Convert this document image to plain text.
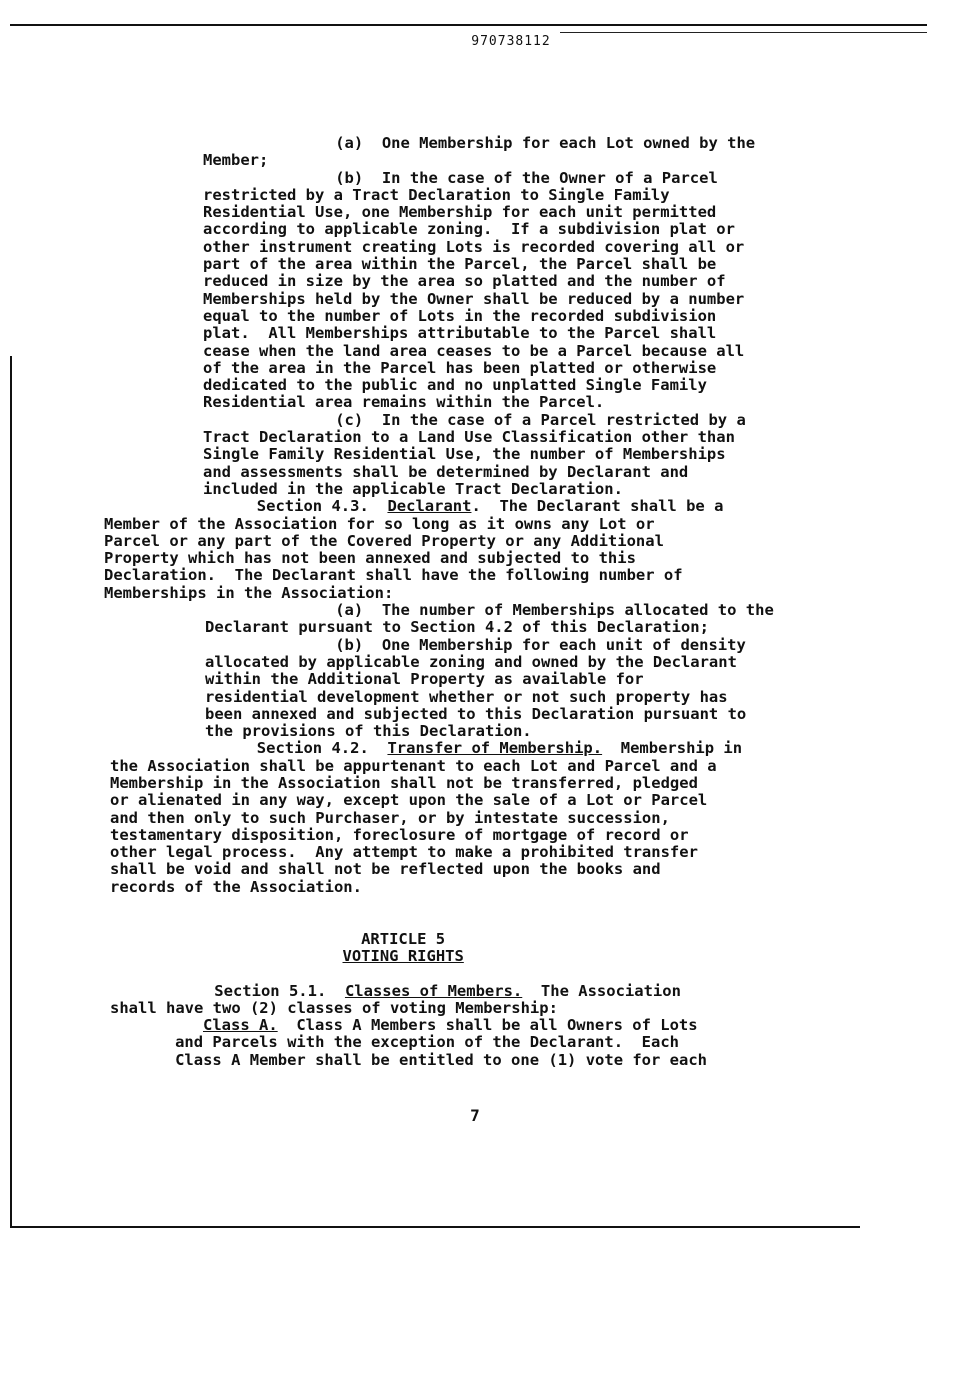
970738112
(a)  One Membership for each Lot owned by the
Member;
(b)  In the case of the Owner of a Parcel
restricted by a Tract Declaration to Single Family
Residential Use, one Membership for each unit permitted
according to applicable zoning.  If a subdivision plat or
other instrument creating Lots is recorded covering all or
part of the area within the Parcel, the Parcel shall be
reduced in size by the area so platted and the number of
Memberships held by the Owner shall be reduced by a number
equal to the number of Lots in the recorded subdivision
plat.  All Memberships attributable to the Parcel shall
cease when the land area ceases to be a Parcel because all
of the area in the Parcel has been platted or otherwise
dedicated to the public and no unplatted Single Family
Residential area remains within the Parcel.
(c)  In the case of a Parcel restricted by a
Tract Declaration to a Land Use Classification other than
Single Family Residential Use, the number of Memberships
and assessments shall be determined by Declarant and
included in the applicable Tract Declaration.
Section 4.3.  Declarant.  The Declarant shall be a
Member of the Association for so long as it owns any Lot or
Parcel or any part of the Covered Property or any Additional
Property which has not been annexed and subjected to this
Declaration.  The Declarant shall have the following number of
Memberships in the Association:
(a)  The number of Memberships allocated to the
Declarant pursuant to Section 4.2 of this Declaration;
(b)  One Membership for each unit of density
allocated by applicable zoning and owned by the Declarant
within the Additional Property as available for
residential development whether or not such property has
been annexed and subjected to this Declaration pursuant to
the provisions of this Declaration.
Section 4.2.  Transfer of Membership.  Membership in
the Association shall be appurtenant to each Lot and Parcel and a
Membership in the Association shall not be transferred, pledged
or alienated in any way, except upon the sale of a Lot or Parcel
and then only to such Purchaser, or by intestate succession,
testamentary disposition, foreclosure of mortgage of record or
other legal process.  Any attempt to make a prohibited transfer
shall be void and shall not be reflected upon the books and
records of the Association.

ARTICLE 5
VOTING RIGHTS

Section 5.1.  Classes of Members.  The Association
shall have two (2) classes of voting Membership:
Class A.  Class A Members shall be all Owners of Lots
and Parcels with the exception of the Declarant.  Each
Class A Member shall be entitled to one (1) vote for each
7
